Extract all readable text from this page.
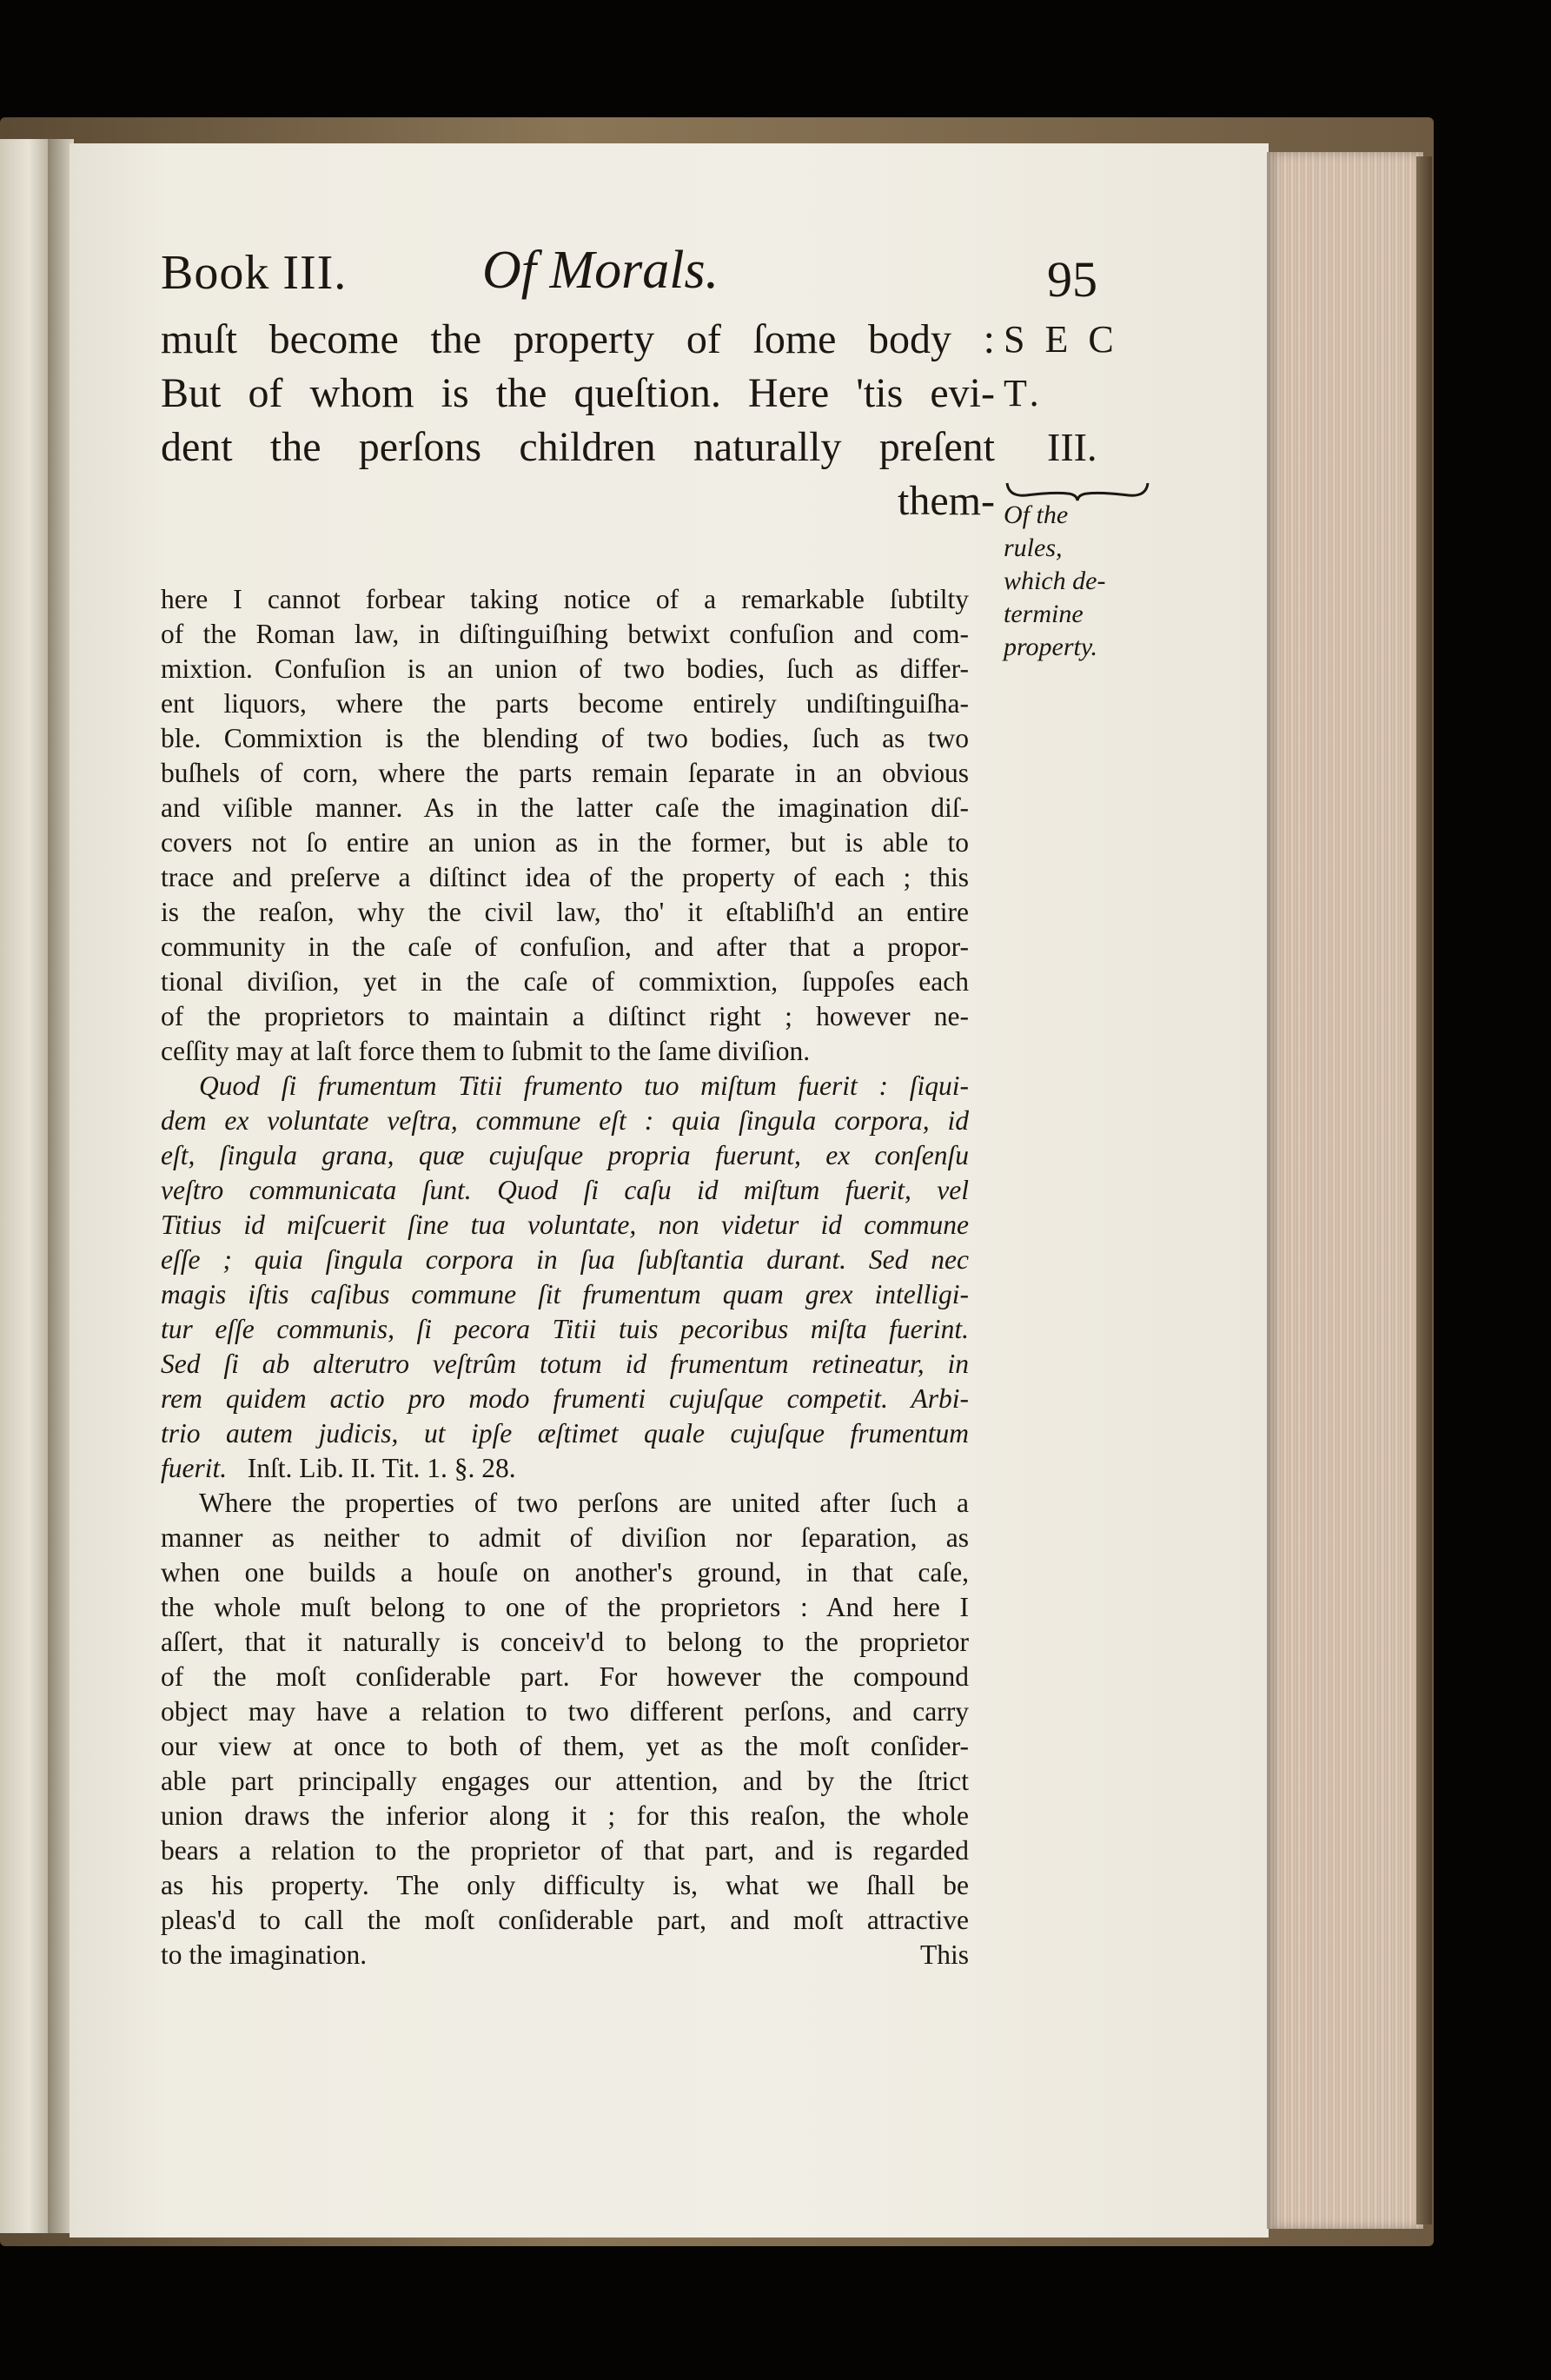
Book III.	Of Morals.	95
muſt become the property of ſome body :
But of whom is the queſtion. Here 'tis evi-
dent the perſons children naturally preſent
them-
S E C T.
III.
Of the
rules,
which de-
termine
property.
here I cannot forbear taking notice of a remarkable ſubtilty
of the Roman law, in diſtinguiſhing betwixt confuſion and com-
mixtion. Confuſion is an union of two bodies, ſuch as differ-
ent liquors, where the parts become entirely undiſtinguiſha-
ble. Commixtion is the blending of two bodies, ſuch as two
buſhels of corn, where the parts remain ſeparate in an obvious
and viſible manner. As in the latter caſe the imagination diſ-
covers not ſo entire an union as in the former, but is able to
trace and preſerve a diſtinct idea of the property of each ; this
is the reaſon, why the civil law, tho' it eſtabliſh'd an entire
community in the caſe of confuſion, and after that a propor-
tional diviſion, yet in the caſe of commixtion, ſuppoſes each
of the proprietors to maintain a diſtinct right ; however ne-
ceſſity may at laſt force them to ſubmit to the ſame diviſion.
Quod ſi frumentum Titii frumento tuo miſtum fuerit : ſiqui-
dem ex voluntate veſtra, commune eſt : quia ſingula corpora, id
eſt, ſingula grana, quæ cujuſque propria fuerunt, ex conſenſu
veſtro communicata ſunt. Quod ſi caſu id miſtum fuerit, vel
Titius id miſcuerit ſine tua voluntate, non videtur id commune
eſſe ; quia ſingula corpora in ſua ſubſtantia durant. Sed nec
magis iſtis caſibus commune ſit frumentum quam grex intelligi-
tur eſſe communis, ſi pecora Titii tuis pecoribus miſta fuerint.
Sed ſi ab alterutro veſtrûm totum id frumentum retineatur, in
rem quidem actio pro modo frumenti cujuſque competit. Arbi-
trio autem judicis, ut ipſe æſtimet quale cujuſque frumentum
fuerit. Inſt. Lib. II. Tit. 1. §. 28.
Where the properties of two perſons are united after ſuch a
manner as neither to admit of diviſion nor ſeparation, as
when one builds a houſe on another's ground, in that caſe,
the whole muſt belong to one of the proprietors : And here I
aſſert, that it naturally is conceiv'd to belong to the proprietor
of the moſt conſiderable part. For however the compound
object may have a relation to two different perſons, and carry
our view at once to both of them, yet as the moſt conſider-
able part principally engages our attention, and by the ſtrict
union draws the inferior along it ; for this reaſon, the whole
bears a relation to the proprietor of that part, and is regarded
as his property. The only difficulty is, what we ſhall be
pleas'd to call the moſt conſiderable part, and moſt attractive
to the imagination.	This
